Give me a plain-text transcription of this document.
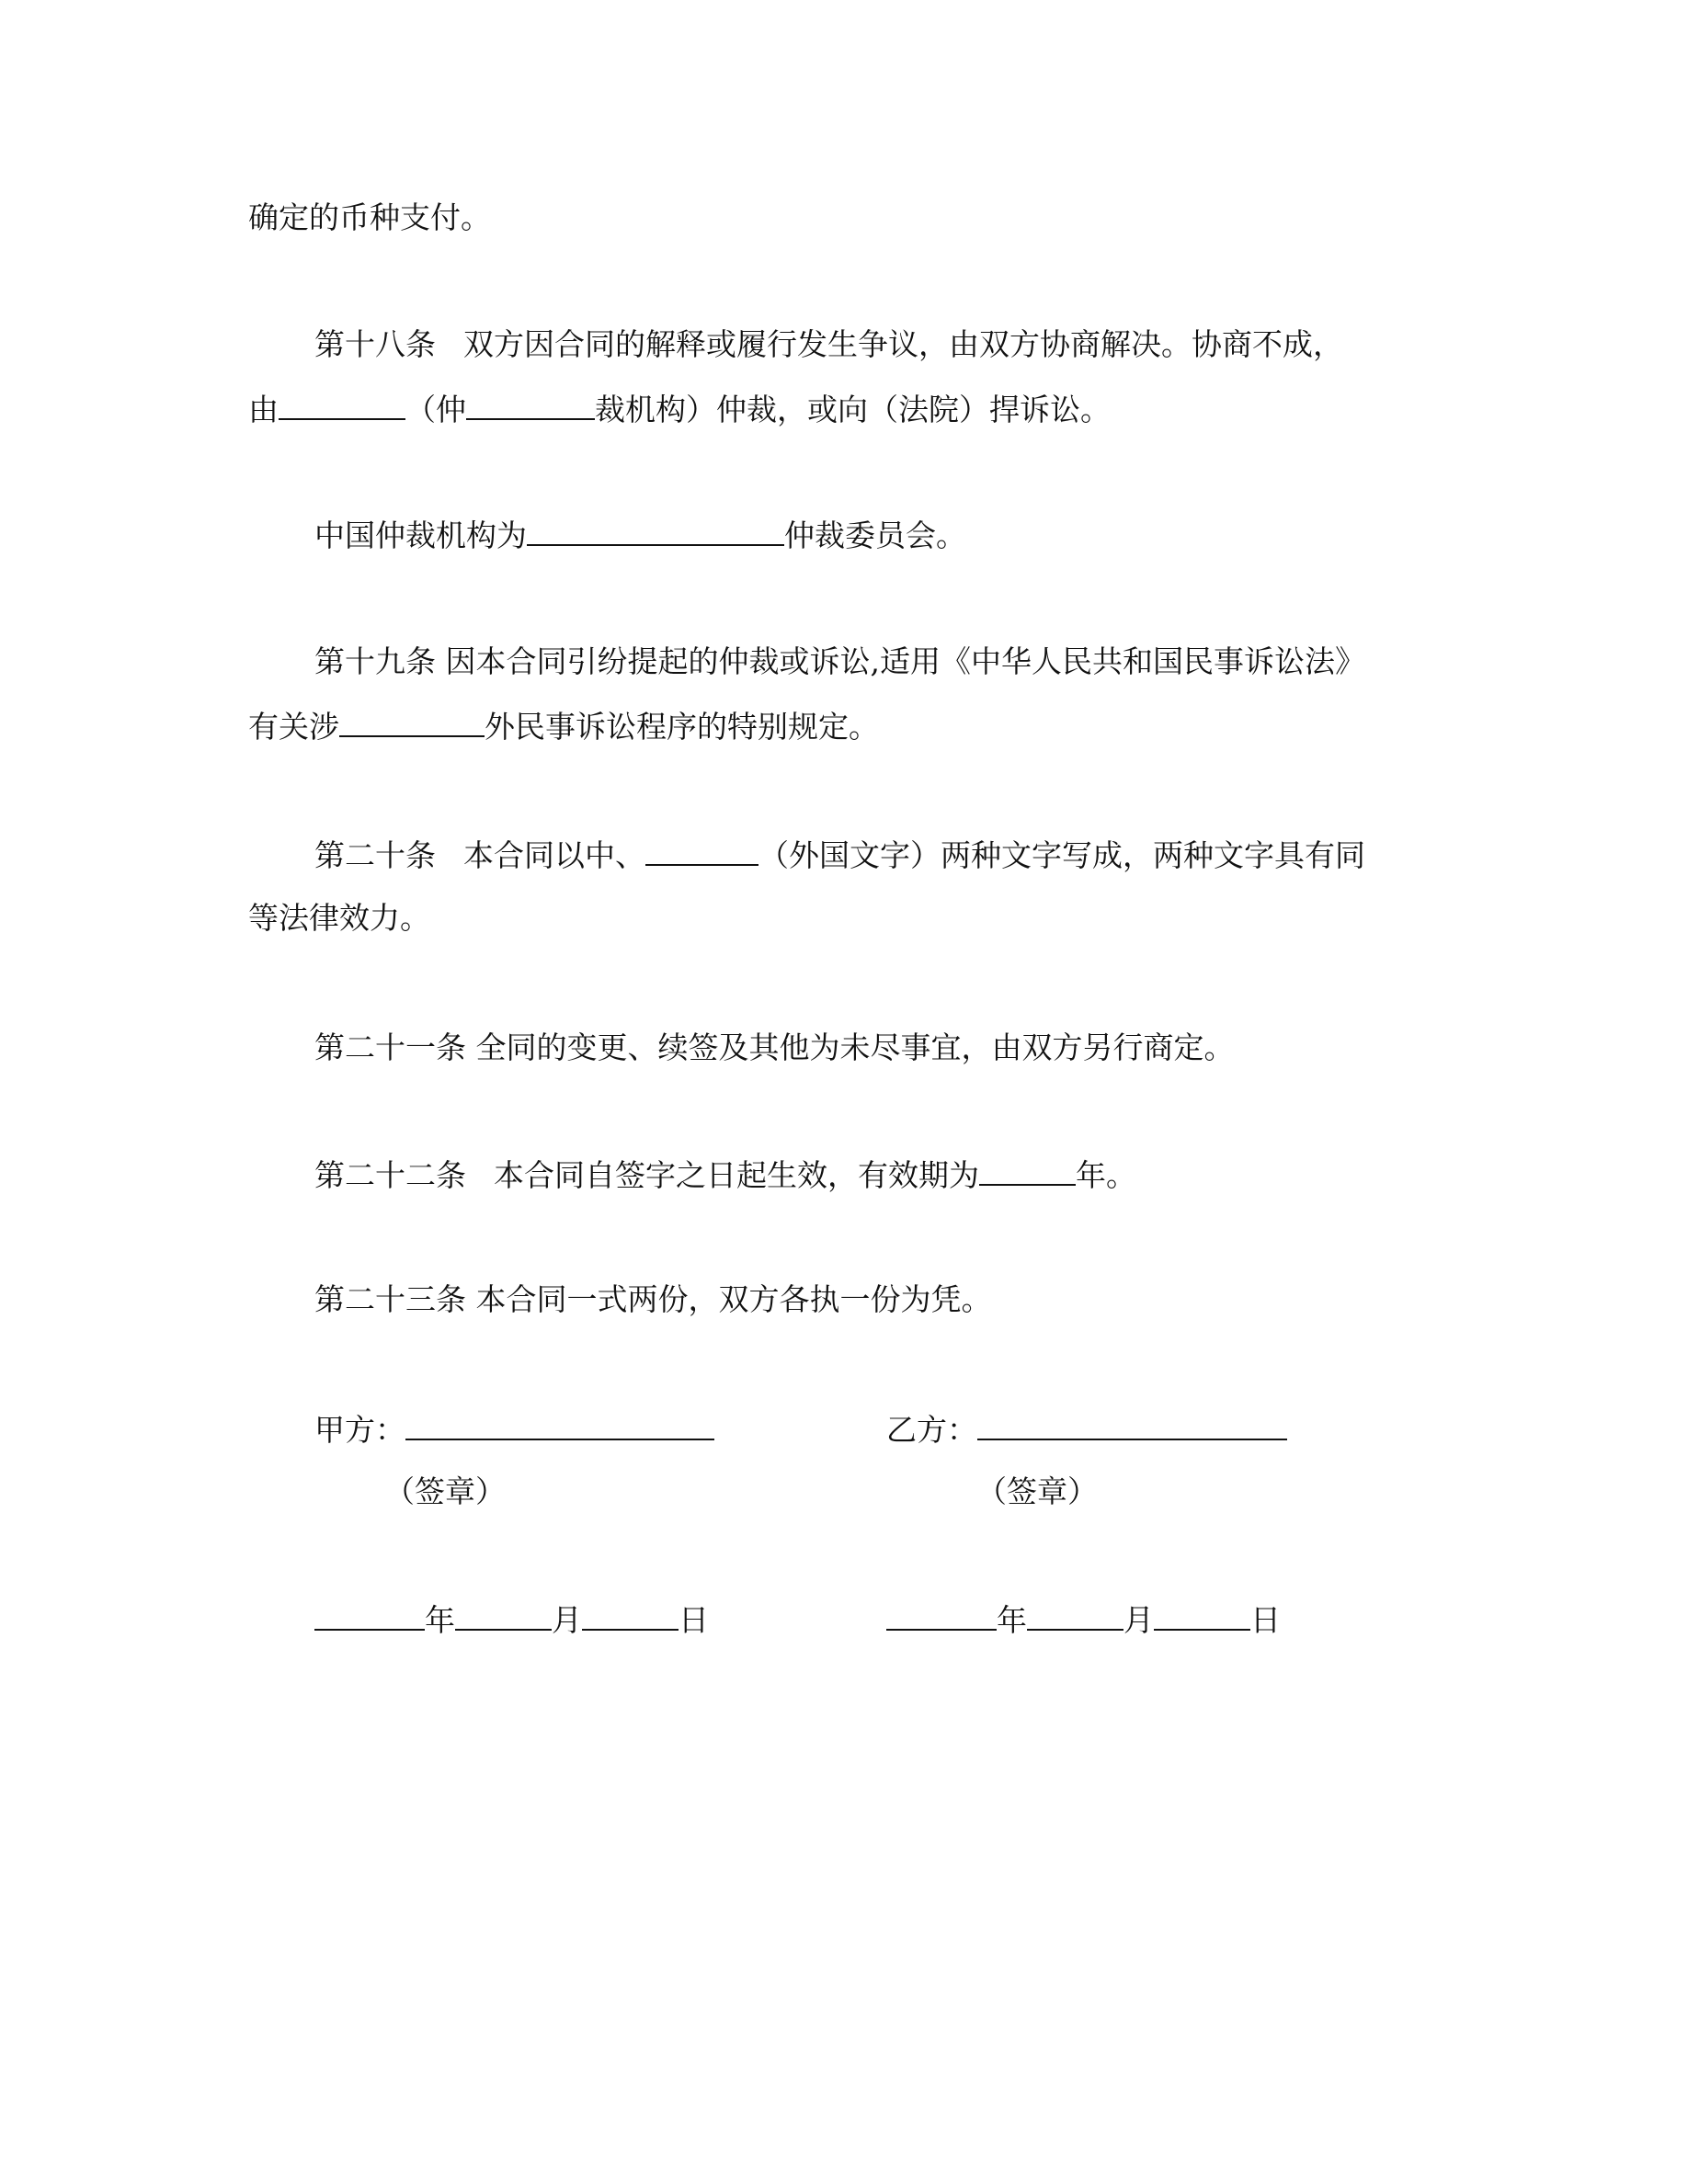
确定的币种支付。
第十八条 双方因合同的解释或履行发生争议，由双方协商解决。协商不成，
由	（仲	裁机构）仲裁，或向（法院）捍诉讼。
中国仲裁机构为	仲裁委员会。
第十九条 因本合同引纷提起的仲裁或诉讼,适用《中华人民共和国民事诉讼法》
有关涉	外民事诉讼程序的特别规定。
第二十条 本合同以中、	（外国文字）两种文字写成，两种文字具有同
等法律效力。
第二十一条 全同的变更、续签及其他为未尽事宜，由双方另行商定。
第二十二条 本合同自签字之日起生效，有效期为	年。
第二十三条 本合同一式两份，双方各执一份为凭。
甲方：	乙方：
（签章）	（签章）
年	月	日	年	月	日
